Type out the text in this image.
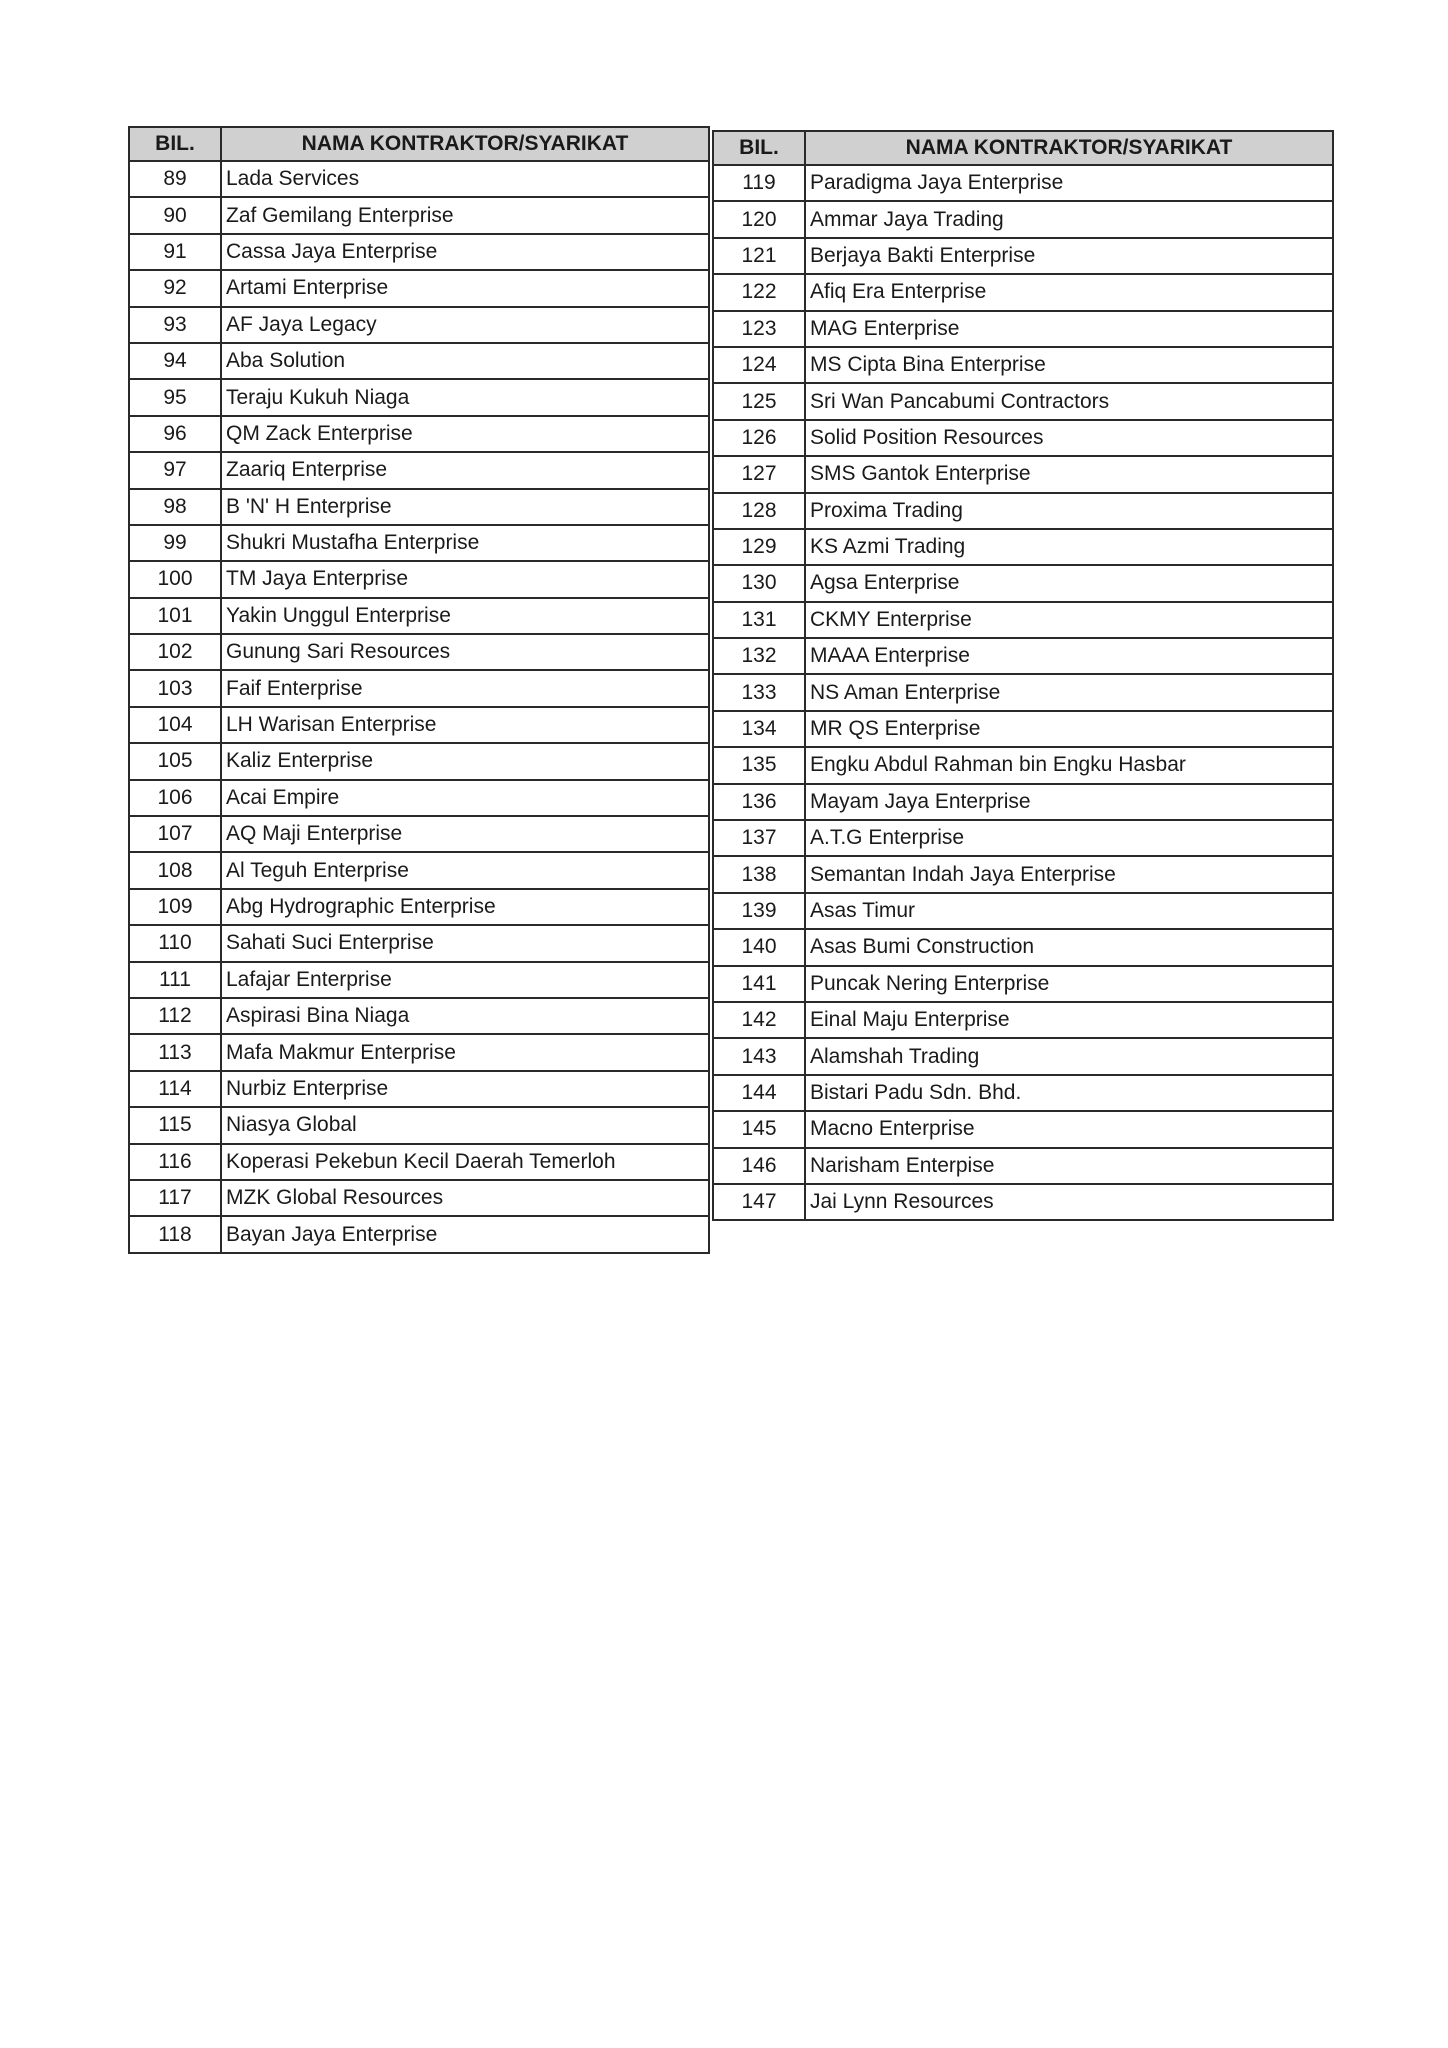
BIL.	NAMA KONTRAKTOR/SYARIKAT
89	Lada Services
90	Zaf Gemilang Enterprise
91	Cassa Jaya Enterprise
92	Artami Enterprise
93	AF Jaya Legacy
94	Aba Solution
95	Teraju Kukuh Niaga
96	QM Zack Enterprise
97	Zaariq Enterprise
98	B 'N' H Enterprise
99	Shukri Mustafha Enterprise
100	TM Jaya Enterprise
101	Yakin Unggul Enterprise
102	Gunung Sari Resources
103	Faif Enterprise
104	LH Warisan Enterprise
105	Kaliz Enterprise
106	Acai Empire
107	AQ Maji Enterprise
108	Al Teguh Enterprise
109	Abg Hydrographic Enterprise
110	Sahati Suci Enterprise
111	Lafajar Enterprise
112	Aspirasi Bina Niaga
113	Mafa Makmur Enterprise
114	Nurbiz Enterprise
115	Niasya Global
116	Koperasi Pekebun Kecil Daerah Temerloh
117	MZK Global Resources
118	Bayan Jaya Enterprise
BIL.	NAMA KONTRAKTOR/SYARIKAT
119	Paradigma Jaya Enterprise
120	Ammar Jaya Trading
121	Berjaya Bakti Enterprise
122	Afiq Era Enterprise
123	MAG Enterprise
124	MS Cipta Bina Enterprise
125	Sri Wan Pancabumi Contractors
126	Solid Position Resources
127	SMS Gantok Enterprise
128	Proxima Trading
129	KS Azmi Trading
130	Agsa Enterprise
131	CKMY Enterprise
132	MAAA Enterprise
133	NS Aman Enterprise
134	MR QS Enterprise
135	Engku Abdul Rahman bin Engku Hasbar
136	Mayam Jaya Enterprise
137	A.T.G Enterprise
138	Semantan Indah Jaya Enterprise
139	Asas Timur
140	Asas Bumi Construction
141	Puncak Nering Enterprise
142	Einal Maju Enterprise
143	Alamshah Trading
144	Bistari Padu Sdn. Bhd.
145	Macno Enterprise
146	Narisham Enterpise
147	Jai Lynn Resources
